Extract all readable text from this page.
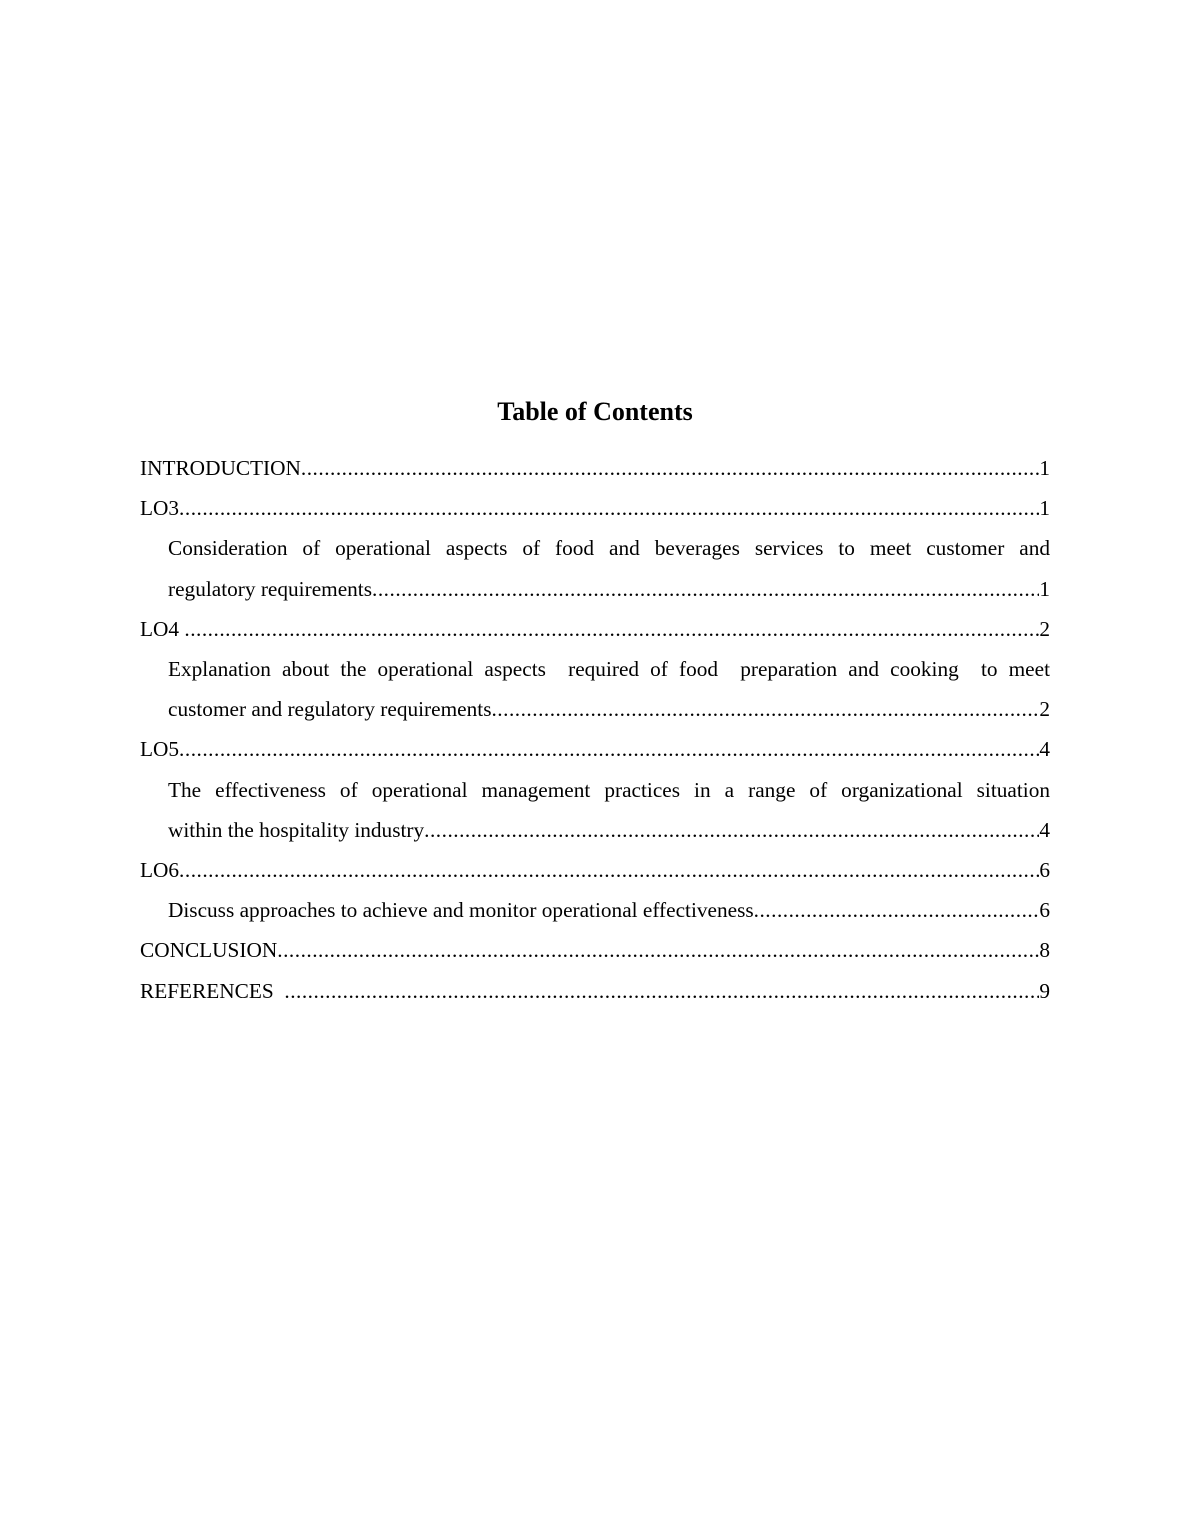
Table of Contents
INTRODUCTION .....	1
LO3 .....	1
Consideration of operational aspects of food and beverages services to meet customer and
regulatory requirements .....	1
LO4 .....	2
Explanation about the operational aspects  required of food  preparation and cooking  to meet
customer and regulatory requirements .....	2
LO5 .....	4
The effectiveness of operational management practices in a range of organizational situation
within the hospitality industry .....	4
LO6 .....	6
Discuss approaches to achieve and monitor operational effectiveness .....	6
CONCLUSION .....	8
REFERENCES .....	9
